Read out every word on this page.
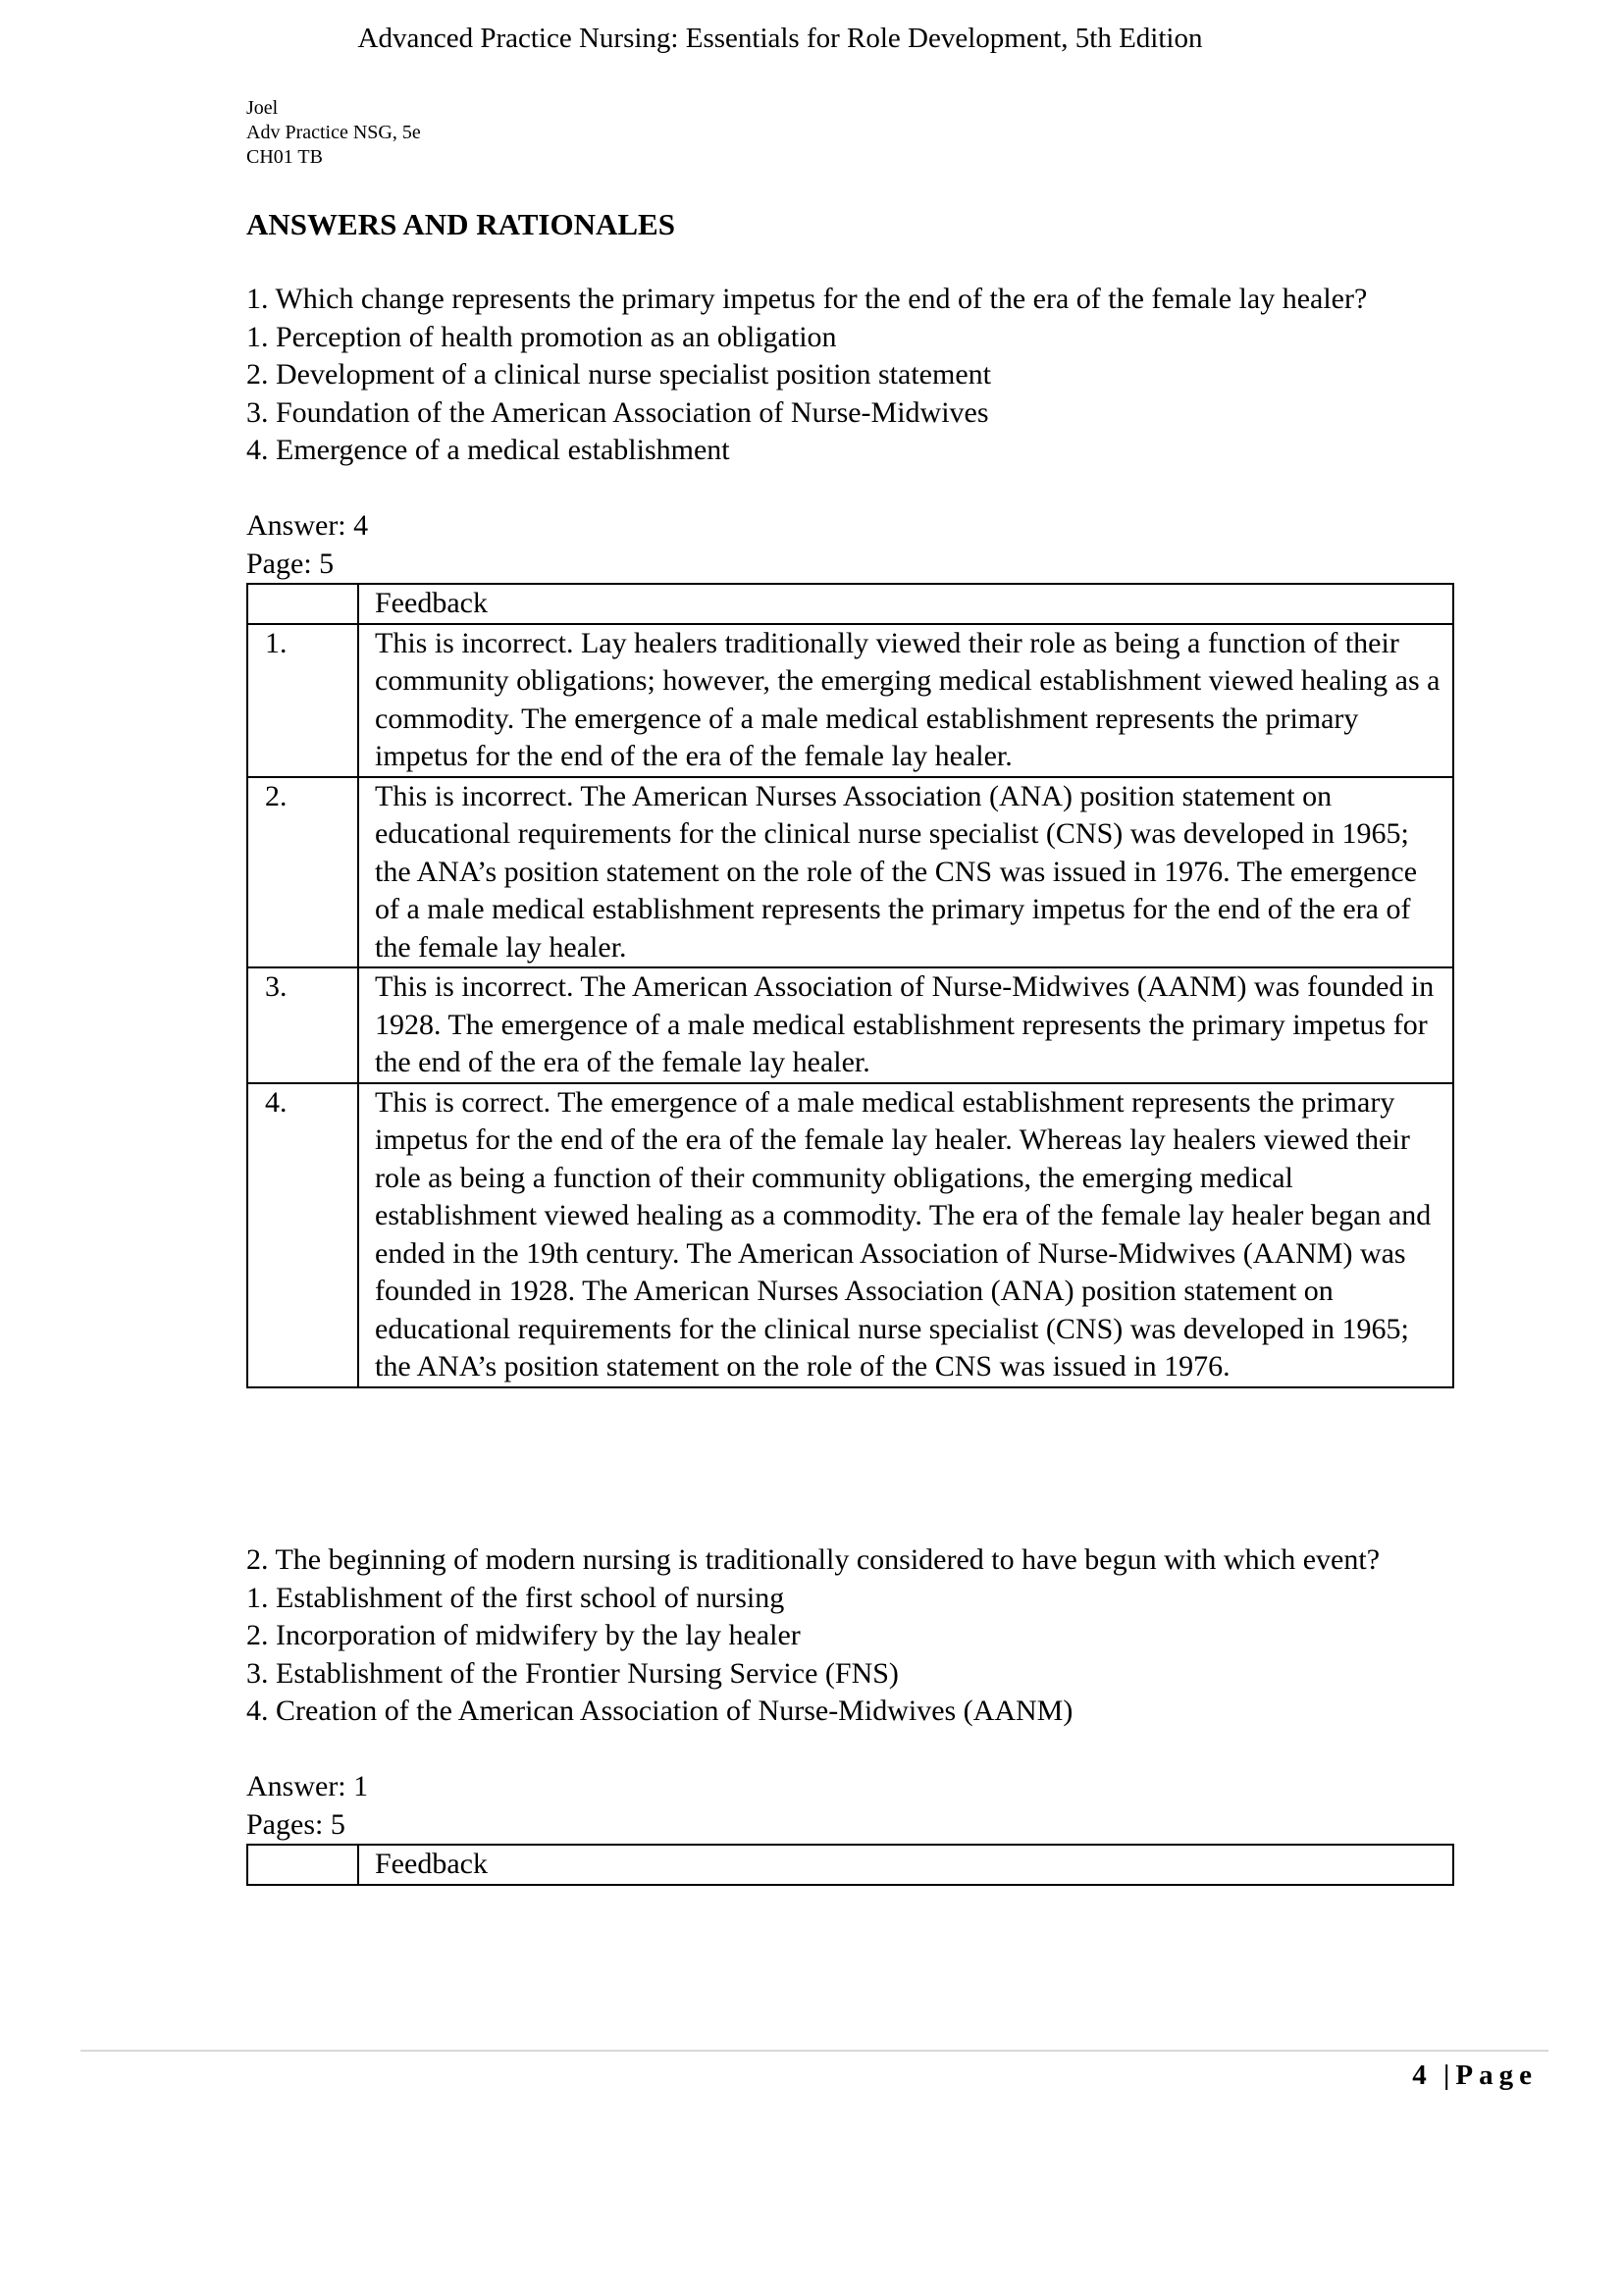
Advanced Practice Nursing: Essentials for Role Development, 5th Edition
Joel
Adv Practice NSG, 5e
CH01 TB
ANSWERS AND RATIONALES
1. Which change represents the primary impetus for the end of the era of the female lay healer?
1. Perception of health promotion as an obligation
2. Development of a clinical nurse specialist position statement
3. Foundation of the American Association of Nurse-Midwives
4. Emergence of a medical establishment
Answer: 4
Page: 5
	Feedback
1.	This is incorrect. Lay healers traditionally viewed their role as being a function of their community obligations; however, the emerging medical establishment viewed healing as a commodity. The emergence of a male medical establishment represents the primary impetus for the end of the era of the female lay healer.
2.	This is incorrect. The American Nurses Association (ANA) position statement on educational requirements for the clinical nurse specialist (CNS) was developed in 1965; the ANA’s position statement on the role of the CNS was issued in 1976. The emergence of a male medical establishment represents the primary impetus for the end of the era of the female lay healer.
3.	This is incorrect. The American Association of Nurse-Midwives (AANM) was founded in 1928. The emergence of a male medical establishment represents the primary impetus for the end of the era of the female lay healer.
4.	This is correct. The emergence of a male medical establishment represents the primary impetus for the end of the era of the female lay healer. Whereas lay healers viewed their role as being a function of their community obligations, the emerging medical establishment viewed healing as a commodity. The era of the female lay healer began and ended in the 19th century. The American Association of Nurse-Midwives (AANM) was founded in 1928. The American Nurses Association (ANA) position statement on educational requirements for the clinical nurse specialist (CNS) was developed in 1965; the ANA’s position statement on the role of the CNS was issued in 1976.
2. The beginning of modern nursing is traditionally considered to have begun with which event?
1. Establishment of the first school of nursing
2. Incorporation of midwifery by the lay healer
3. Establishment of the Frontier Nursing Service (FNS)
4. Creation of the American Association of Nurse-Midwives (AANM)
Answer: 1
Pages: 5
	Feedback
4 | Page
